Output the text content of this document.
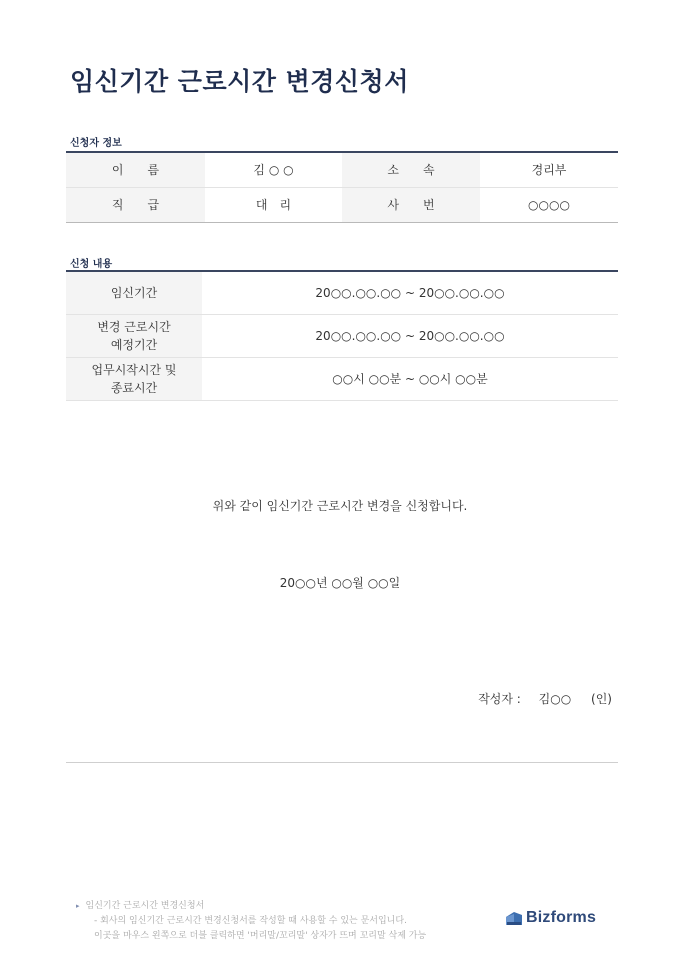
임신기간 근로시간 변경신청서
신청자 정보
이　　름	김 ○ ○	소　　속	경리부
직　　급	대　리	사　　번	○○○○
신청 내용
임신기간	20○○.○○.○○ ~ 20○○.○○.○○

변경 근로시간
예정기간	20○○.○○.○○ ~ 20○○.○○.○○

업무시작시간 및
종료시간	○○시 ○○분 ~ ○○시 ○○분
위와 같이 임신기간 근로시간 변경을 신청합니다.
20○○년 ○○월 ○○일
작성자 : 김○○ (인)
▸ 임신기간 근로시간 변경신청서
- 회사의 임신기간 근로시간 변경신청서를 작성할 때 사용할 수 있는 문서입니다.
이곳을 마우스 왼쪽으로 더블 클릭하면 '머리말/꼬리말' 상자가 뜨며 꼬리말 삭제 가능
Bizforms
